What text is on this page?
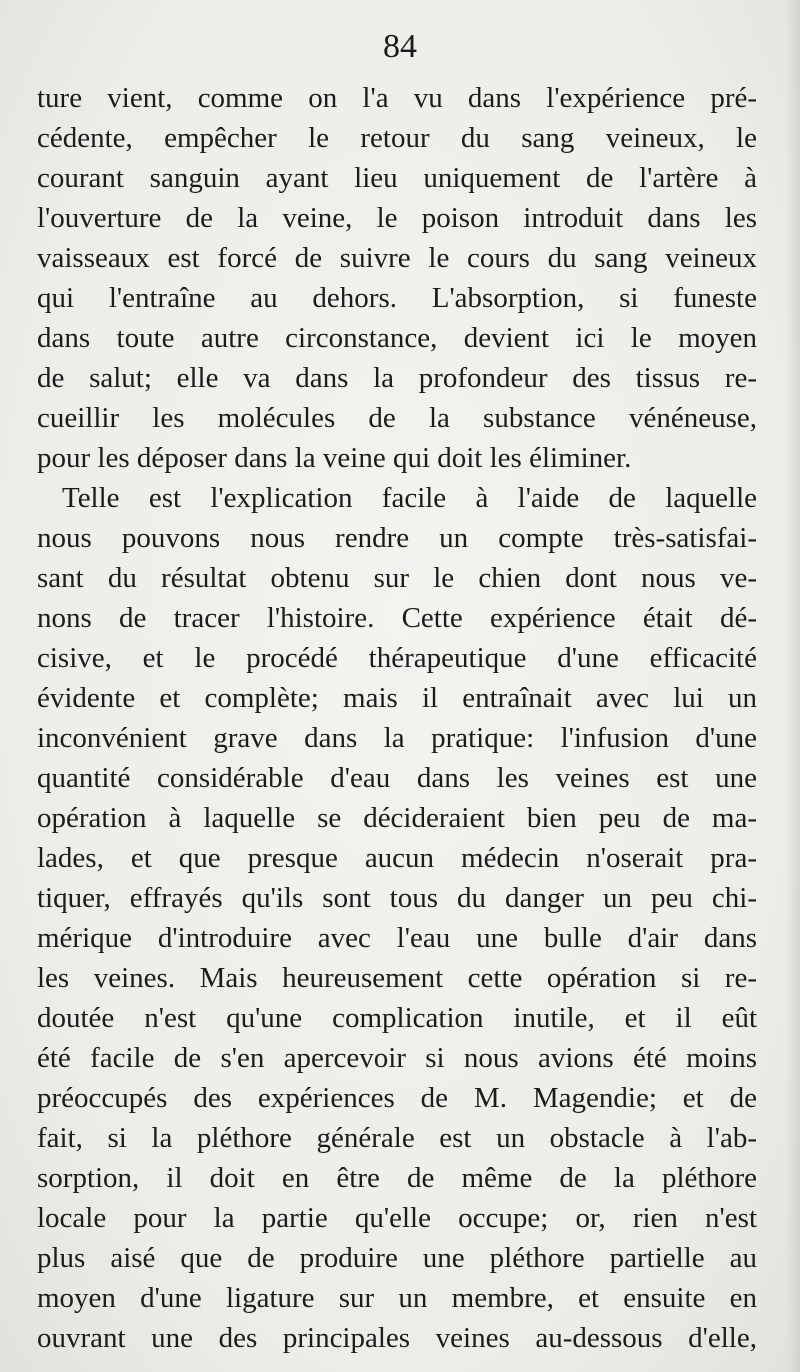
84
ture vient, comme on l'a vu dans l'expérience pré-
cédente, empêcher le retour du sang veineux, le
courant sanguin ayant lieu uniquement de l'artère à
l'ouverture de la veine, le poison introduit dans les
vaisseaux est forcé de suivre le cours du sang veineux
qui l'entraîne au dehors. L'absorption, si funeste
dans toute autre circonstance, devient ici le moyen
de salut; elle va dans la profondeur des tissus re-
cueillir les molécules de la substance vénéneuse,
pour les déposer dans la veine qui doit les éliminer.
Telle est l'explication facile à l'aide de laquelle
nous pouvons nous rendre un compte très-satisfai-
sant du résultat obtenu sur le chien dont nous ve-
nons de tracer l'histoire. Cette expérience était dé-
cisive, et le procédé thérapeutique d'une efficacité
évidente et complète; mais il entraînait avec lui un
inconvénient grave dans la pratique: l'infusion d'une
quantité considérable d'eau dans les veines est une
opération à laquelle se décideraient bien peu de ma-
lades, et que presque aucun médecin n'oserait pra-
tiquer, effrayés qu'ils sont tous du danger un peu chi-
mérique d'introduire avec l'eau une bulle d'air dans
les veines. Mais heureusement cette opération si re-
doutée n'est qu'une complication inutile, et il eût
été facile de s'en apercevoir si nous avions été moins
préoccupés des expériences de M. Magendie; et de
fait, si la pléthore générale est un obstacle à l'ab-
sorption, il doit en être de même de la pléthore
locale pour la partie qu'elle occupe; or, rien n'est
plus aisé que de produire une pléthore partielle au
moyen d'une ligature sur un membre, et ensuite en
ouvrant une des principales veines au-dessous d'elle,
